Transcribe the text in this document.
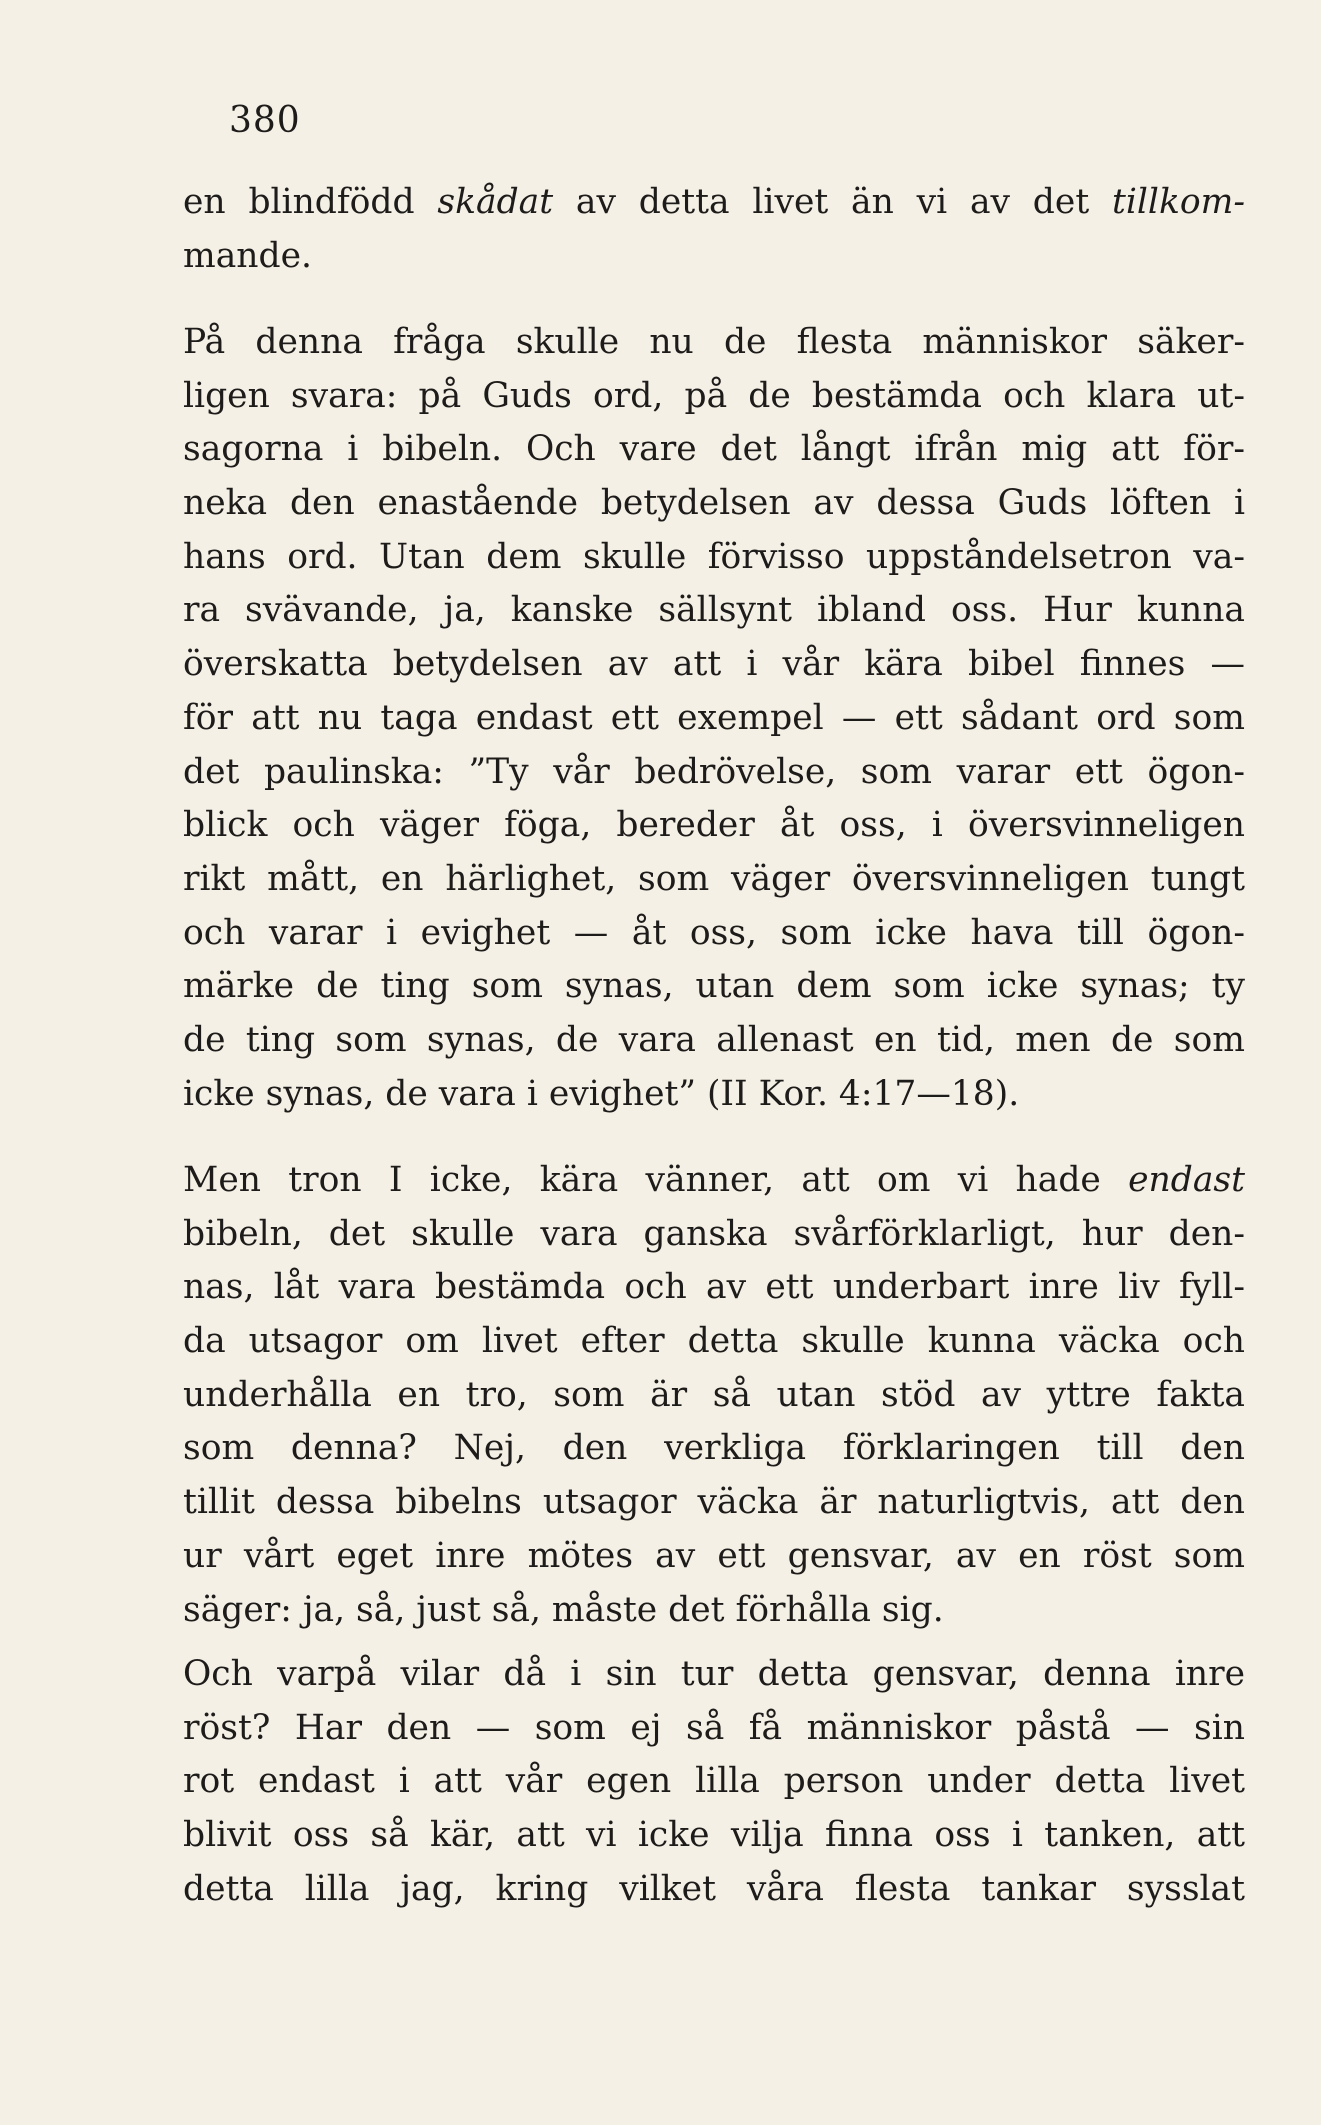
380
en blindfödd skådat av detta livet än vi av det tillkom-
mande.
På denna fråga skulle nu de flesta människor säker-
ligen svara: på Guds ord, på de bestämda och klara ut-
sagorna i bibeln. Och vare det långt ifrån mig att för-
neka den enastående betydelsen av dessa Guds löften i
hans ord. Utan dem skulle förvisso uppståndelsetron va-
ra svävande, ja, kanske sällsynt ibland oss. Hur kunna
överskatta betydelsen av att i vår kära bibel finnes —
för att nu taga endast ett exempel — ett sådant ord som
det paulinska: ”Ty vår bedrövelse, som varar ett ögon-
blick och väger föga, bereder åt oss, i översvinneligen
rikt mått, en härlighet, som väger översvinneligen tungt
och varar i evighet — åt oss, som icke hava till ögon-
märke de ting som synas, utan dem som icke synas; ty
de ting som synas, de vara allenast en tid, men de som
icke synas, de vara i evighet” (II Kor. 4:17—18).
Men tron I icke, kära vänner, att om vi hade endast
bibeln, det skulle vara ganska svårförklarligt, hur den-
nas, låt vara bestämda och av ett underbart inre liv fyll-
da utsagor om livet efter detta skulle kunna väcka och
underhålla en tro, som är så utan stöd av yttre fakta
som denna? Nej, den verkliga förklaringen till den
tillit dessa bibelns utsagor väcka är naturligtvis, att den
ur vårt eget inre mötes av ett gensvar, av en röst som
säger: ja, så, just så, måste det förhålla sig.
Och varpå vilar då i sin tur detta gensvar, denna inre
röst? Har den — som ej så få människor påstå — sin
rot endast i att vår egen lilla person under detta livet
blivit oss så kär, att vi icke vilja finna oss i tanken, att
detta lilla jag, kring vilket våra flesta tankar sysslat
